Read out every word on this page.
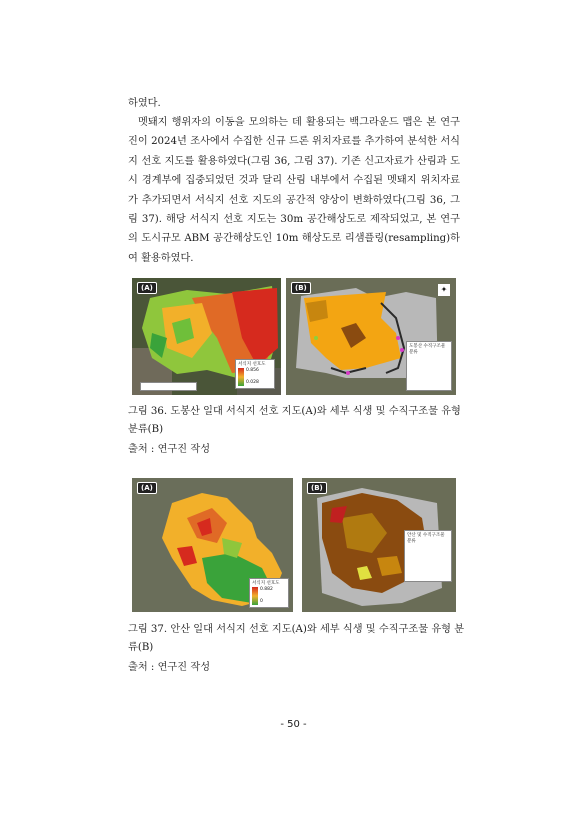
하였다.
멧돼지 행위자의 이동을 모의하는 데 활용되는 백그라운드 맵은 본 연구진이 2024년 조사에서 수집한 신규 드론 위치자료를 추가하여 분석한 서식지 선호 지도를 활용하였다(그림 36, 그림 37). 기존 신고자료가 산림과 도시 경계부에 집중되었던 것과 달리 산림 내부에서 수집된 멧돼지 위치자료가 추가되면서 서식지 선호 지도의 공간적 양상이 변화하였다(그림 36, 그림 37). 해당 서식지 선호 지도는 30m 공간해상도로 제작되었고, 본 연구의 도시규모 ABM 공간해상도인 10m 해상도로 리샘플링(resampling)하여 활용하였다.
(A)
서식지 선호도
0.856
0.028
(B)	✦
도봉산 수직구조물 분류
그림 36. 도봉산 일대 서식지 선호 지도(A)와 세부 식생 및 수직구조물 유형 분류(B)
출처 : 연구진 작성
(A)
서식지 선호도
0.882
0
(B)
안산 및 수직구조물 분류
그림 37. 안산 일대 서식지 선호 지도(A)와 세부 식생 및 수직구조물 유형 분류(B)
출처 : 연구진 작성
- 50 -
